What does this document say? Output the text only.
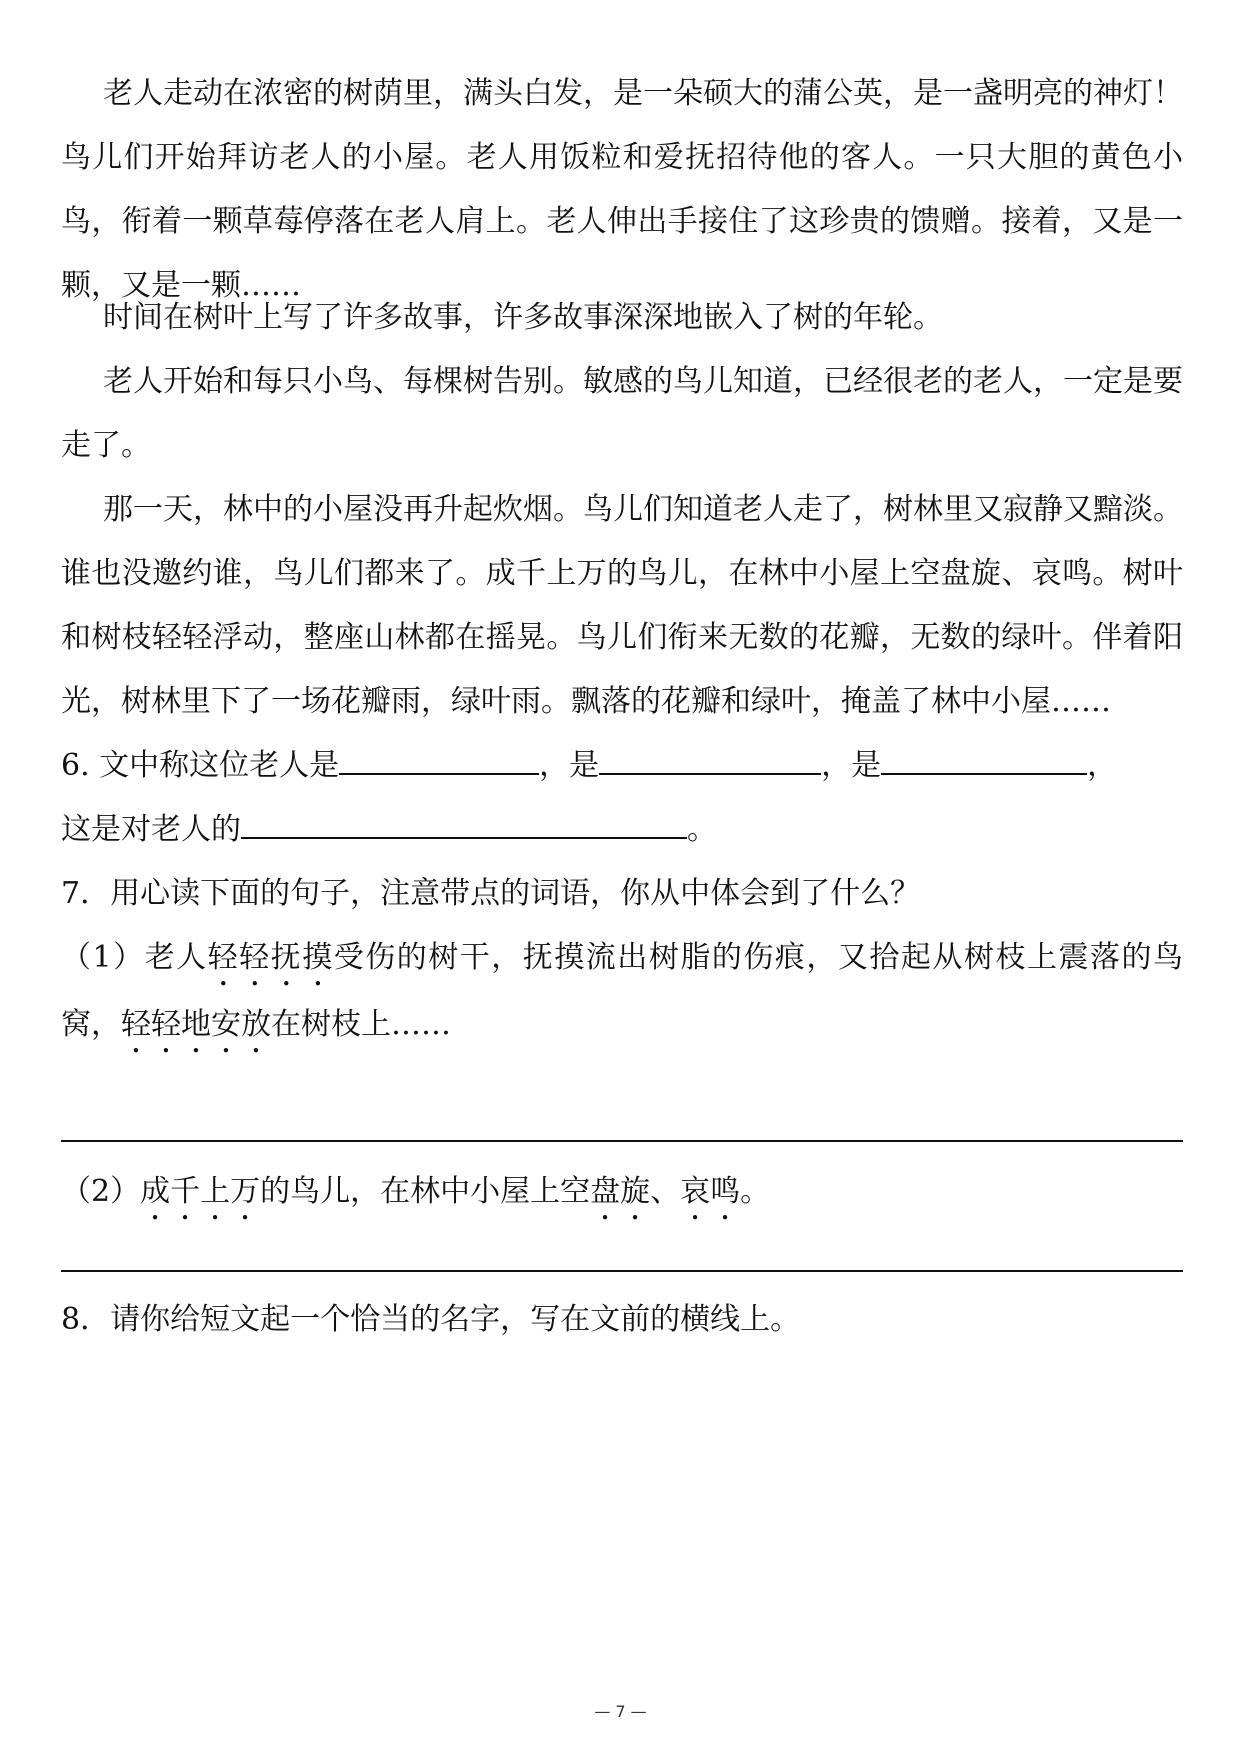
老人走动在浓密的树荫里，满头白发，是一朵硕大的蒲公英，是一盏明亮的神灯！鸟儿们开始拜访老人的小屋。老人用饭粒和爱抚招待他的客人。一只大胆的黄色小鸟，衔着一颗草莓停落在老人肩上。老人伸出手接住了这珍贵的馈赠。接着，又是一颗，又是一颗……

时间在树叶上写了许多故事，许多故事深深地嵌入了树的年轮。

老人开始和每只小鸟、每棵树告别。敏感的鸟儿知道，已经很老的老人，一定是要走了。

那一天，林中的小屋没再升起炊烟。鸟儿们知道老人走了，树林里又寂静又黯淡。谁也没邀约谁，鸟儿们都来了。成千上万的鸟儿，在林中小屋上空盘旋、哀鸣。树叶和树枝轻轻浮动，整座山林都在摇晃。鸟儿们衔来无数的花瓣，无数的绿叶。伴着阳光，树林里下了一场花瓣雨，绿叶雨。飘落的花瓣和绿叶，掩盖了林中小屋……

6. 文中称这位老人是	，是	，是	，
这是对老人的	。

7．用心读下面的句子，注意带点的词语，你从中体会到了什么？

（1）老人轻轻抚摸受伤的树干，抚摸流出树脂的伤痕，又拾起从树枝上震落的鸟窝，轻轻地安放在树枝上……

（2）成千上万的鸟儿，在林中小屋上空盘旋、哀鸣。

8．请你给短文起一个恰当的名字，写在文前的横线上。

— 7 —
